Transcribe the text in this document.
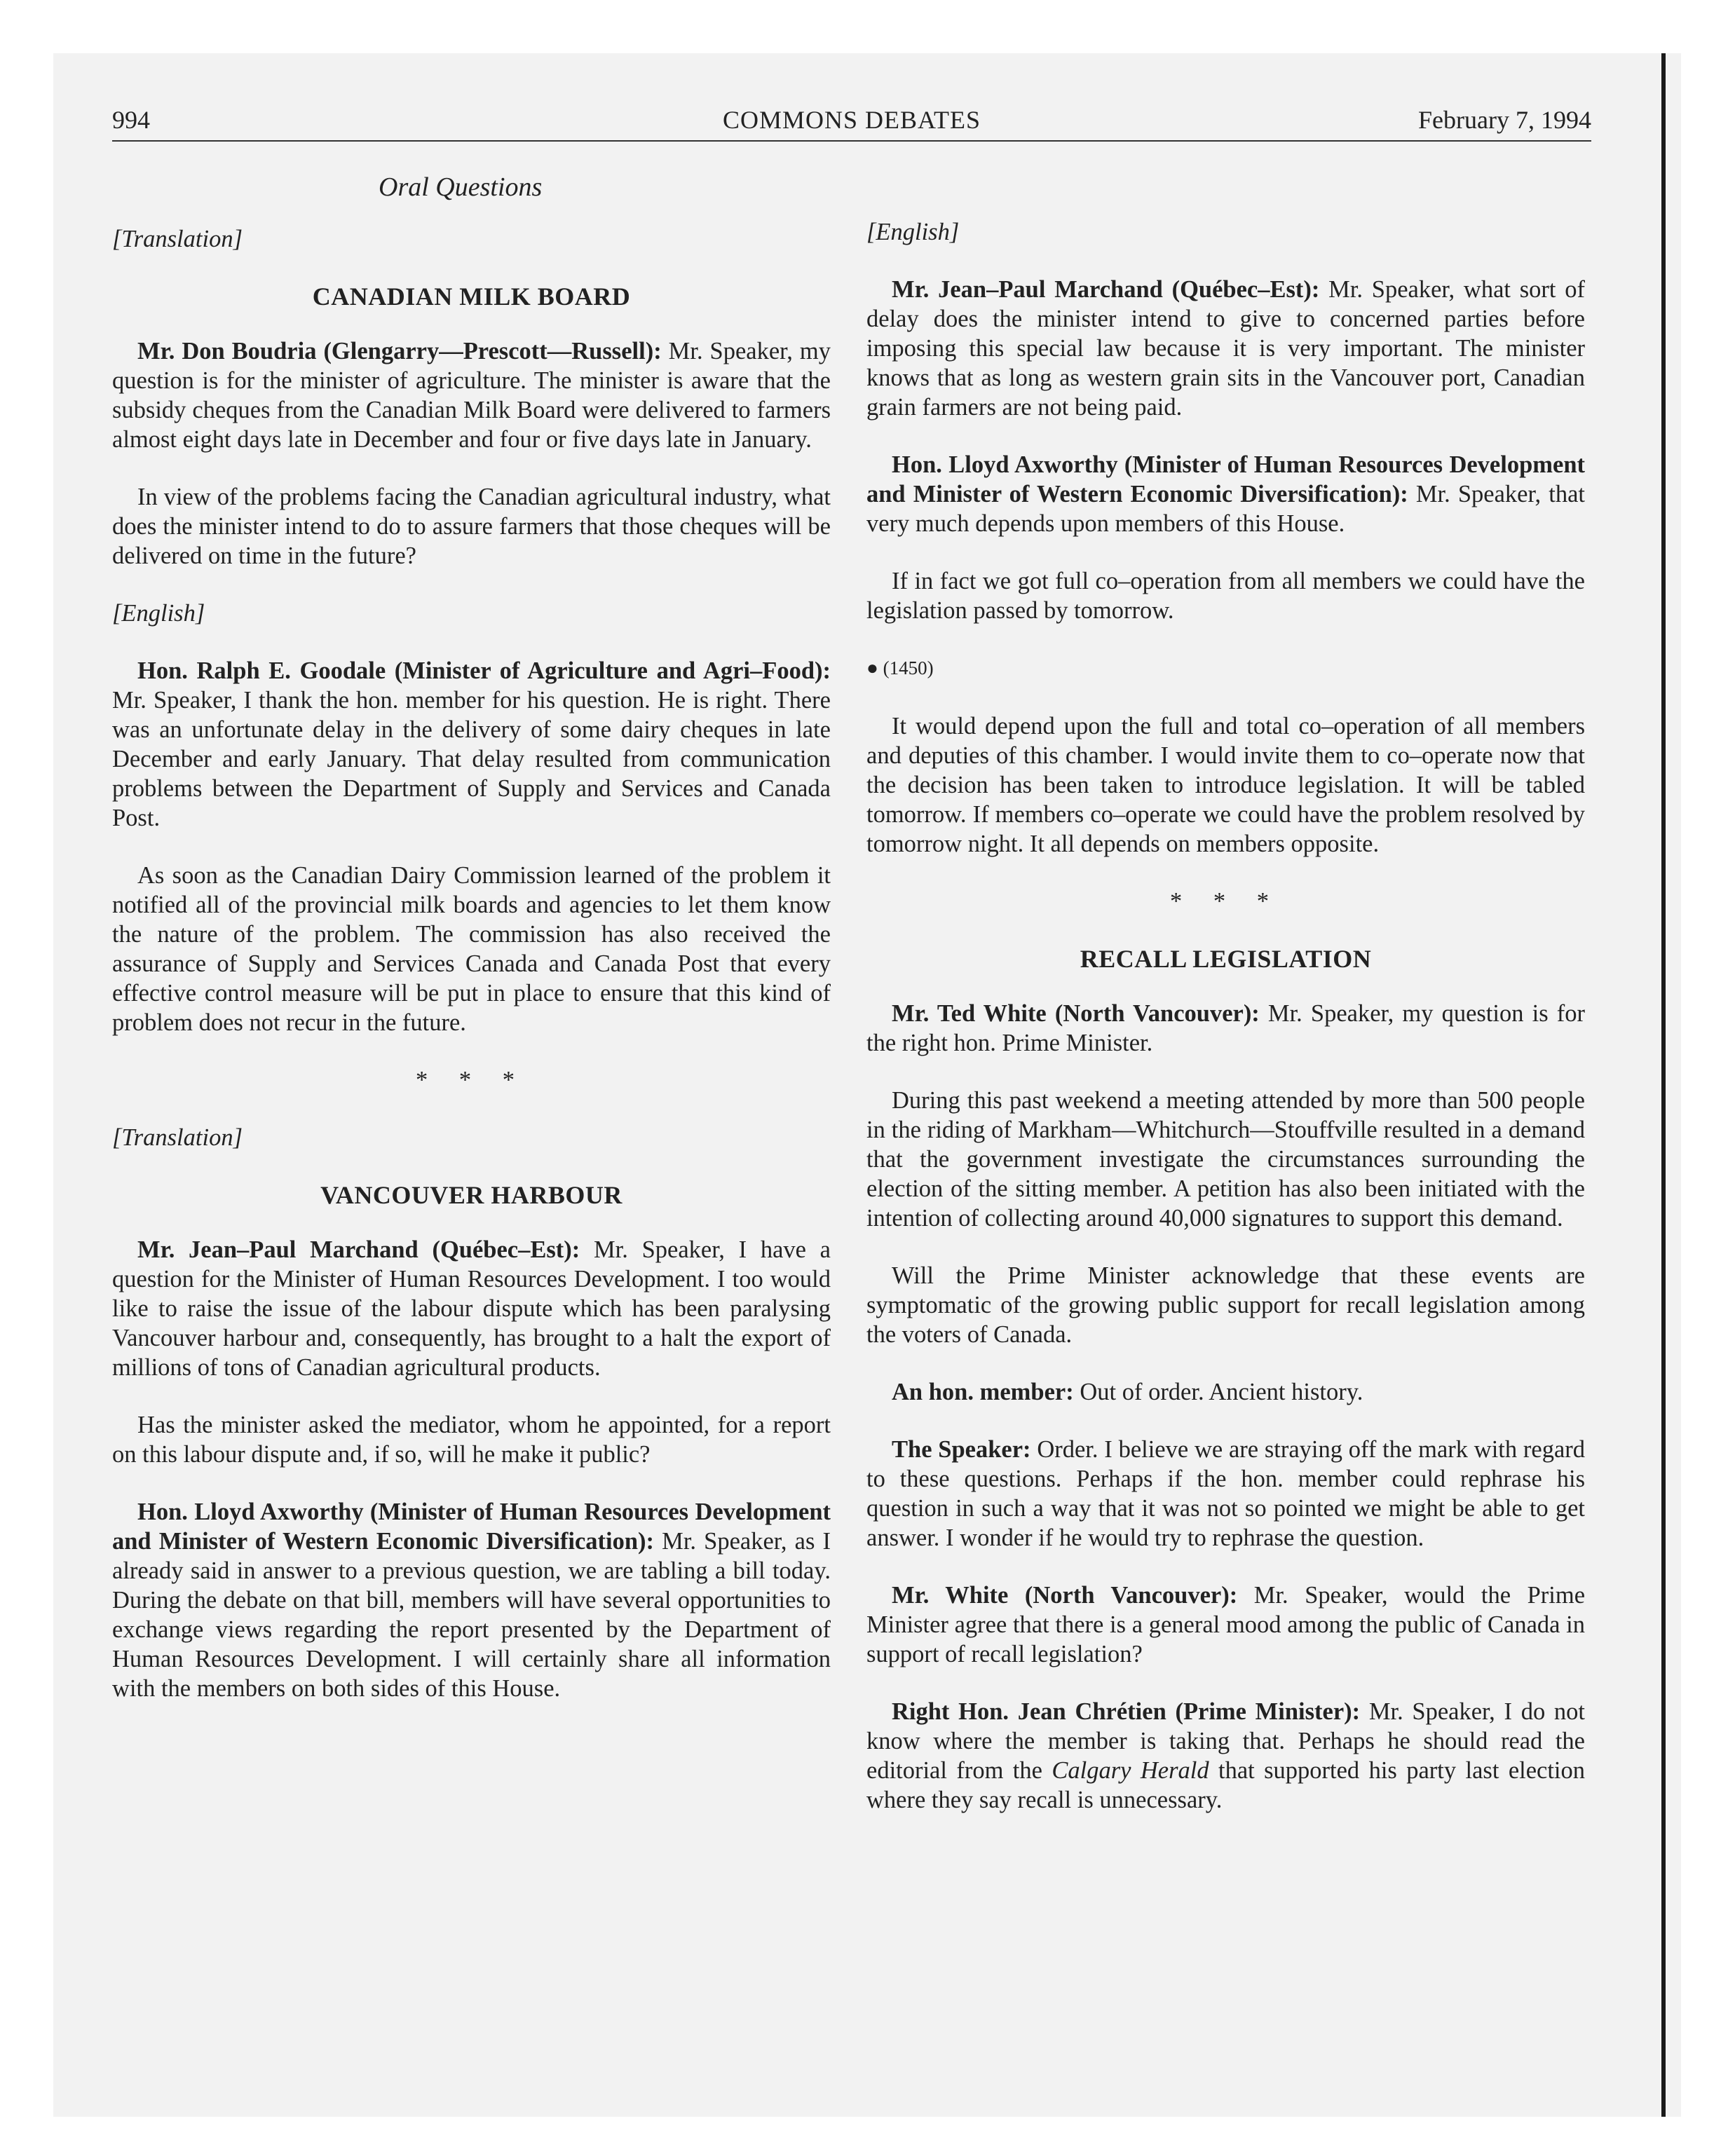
994	COMMONS DEBATES	February 7, 1994
Oral Questions
[Translation]
CANADIAN MILK BOARD

Mr. Don Boudria (Glengarry—Prescott—Russell): Mr. Speaker, my question is for the minister of agriculture. The minister is aware that the subsidy cheques from the Canadian Milk Board were delivered to farmers almost eight days late in December and four or five days late in January.

In view of the problems facing the Canadian agricultural industry, what does the minister intend to do to assure farmers that those cheques will be delivered on time in the future?

[English]

Hon. Ralph E. Goodale (Minister of Agriculture and Agri–Food): Mr. Speaker, I thank the hon. member for his question. He is right. There was an unfortunate delay in the delivery of some dairy cheques in late December and early January. That delay resulted from communication problems between the Department of Supply and Services and Canada Post.

As soon as the Canadian Dairy Commission learned of the problem it notified all of the provincial milk boards and agencies to let them know the nature of the problem. The commission has also received the assurance of Supply and Services Canada and Canada Post that every effective control measure will be put in place to ensure that this kind of problem does not recur in the future.

* * *
[Translation]
VANCOUVER HARBOUR

Mr. Jean–Paul Marchand (Québec–Est): Mr. Speaker, I have a question for the Minister of Human Resources Development. I too would like to raise the issue of the labour dispute which has been paralysing Vancouver harbour and, consequently, has brought to a halt the export of millions of tons of Canadian agricultural products.

Has the minister asked the mediator, whom he appointed, for a report on this labour dispute and, if so, will he make it public?

Hon. Lloyd Axworthy (Minister of Human Resources Development and Minister of Western Economic Diversification): Mr. Speaker, as I already said in answer to a previous question, we are tabling a bill today. During the debate on that bill, members will have several opportunities to exchange views regarding the report presented by the Department of Human Resources Development. I will certainly share all information with the members on both sides of this House.

[English]

Mr. Jean–Paul Marchand (Québec–Est): Mr. Speaker, what sort of delay does the minister intend to give to concerned parties before imposing this special law because it is very important. The minister knows that as long as western grain sits in the Vancouver port, Canadian grain farmers are not being paid.

Hon. Lloyd Axworthy (Minister of Human Resources Development and Minister of Western Economic Diversification): Mr. Speaker, that very much depends upon members of this House.

If in fact we got full co–operation from all members we could have the legislation passed by tomorrow.

● (1450)

It would depend upon the full and total co–operation of all members and deputies of this chamber. I would invite them to co–operate now that the decision has been taken to introduce legislation. It will be tabled tomorrow. If members co–operate we could have the problem resolved by tomorrow night. It all depends on members opposite.

* * *
RECALL LEGISLATION

Mr. Ted White (North Vancouver): Mr. Speaker, my question is for the right hon. Prime Minister.

During this past weekend a meeting attended by more than 500 people in the riding of Markham—Whitchurch—Stouffville resulted in a demand that the government investigate the circumstances surrounding the election of the sitting member. A petition has also been initiated with the intention of collecting around 40,000 signatures to support this demand.

Will the Prime Minister acknowledge that these events are symptomatic of the growing public support for recall legislation among the voters of Canada.

An hon. member: Out of order. Ancient history.

The Speaker: Order. I believe we are straying off the mark with regard to these questions. Perhaps if the hon. member could rephrase his question in such a way that it was not so pointed we might be able to get answer. I wonder if he would try to rephrase the question.

Mr. White (North Vancouver): Mr. Speaker, would the Prime Minister agree that there is a general mood among the public of Canada in support of recall legislation?

Right Hon. Jean Chrétien (Prime Minister): Mr. Speaker, I do not know where the member is taking that. Perhaps he should read the editorial from the Calgary Herald that supported his party last election where they say recall is unnecessary.
